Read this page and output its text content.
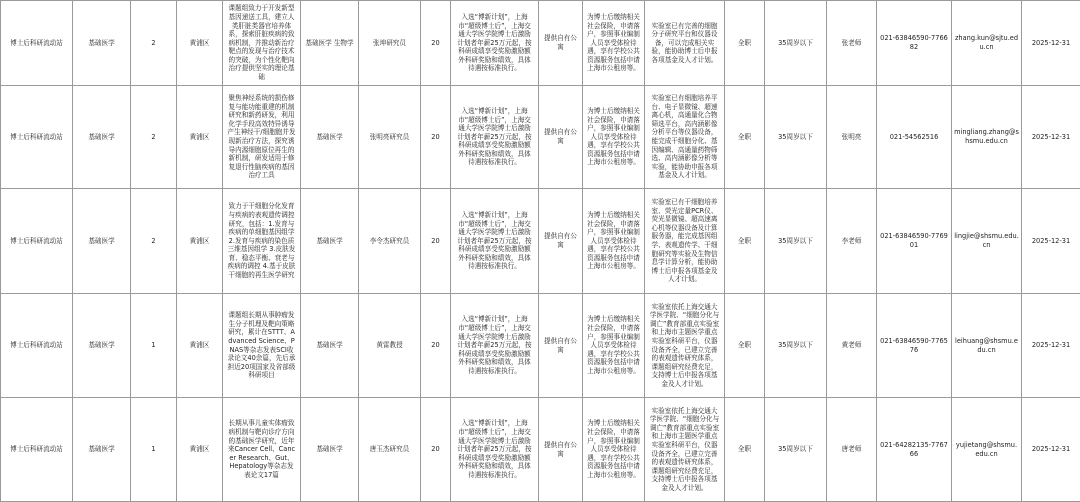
博士后科研流动站	基础医学	2	黄浦区	课题组致力于开发新型基因递送工具，建立人类肝脏类器官培养体系，探索肝脏疾病的致病机制，并推动新治疗靶点的发现与治疗技术的突破，为个性化靶向治疗提供坚实的理论基础	基础医学 生物学	张坤研究员	20	入选“博新计划”，上海市“超级博士后”，上海交通大学医学院博士后激励计划者年薪25万元起，按科研成绩享受奖励激励额外科研奖励和绩效，具体待遇按标准执行。	提供自有公寓	为博士后缴纳相关社会保险，申请落户，参照事业编制人员享受体检待遇，享有学校公共资源服务包括申请上海市公租房等。	实验室已有完善的细胞分子研究平台和仪器设备，可以完成相关实验，能协助博士后申报各项基金及人才计划。	全职	35周岁以下	张老师	021-63846590-776682	zhang.kun@sjtu.edu.cn	2025-12-31
博士后科研流动站	基础医学	2	黄浦区	聚焦神经系统的损伤修复与能功能重建的机制研究和新药研发，利用化学手段高效特异诱导产生神经干/细胞胞并发现新治疗方法，探究诱导内源细胞原位再生的新机制，研发适用于修复退行性脑疾病的基因治疗工具	基础医学	张明亮研究员	20	入选“博新计划”，上海市“超级博士后”，上海交通大学医学院博士后激励计划者年薪25万元起，按科研成绩享受奖励激励额外科研奖励和绩效，具体待遇按标准执行。	提供自有公寓	为博士后缴纳相关社会保险，申请落户，参照事业编制人员享受体检待遇，享有学校公共资源服务包括申请上海市公租房等。	实验室已有细胞培养平台、电子显微镜、超速离心机，高通量化合物筛选平台，高内涵影像分析平台等仪器设备，能完成干细胞分化、基因编辑、高通量药物筛选、高内涵影像分析等实验，能协助申报各项基金及人才计划。	全职	35周岁以下	张明亮	021-54562516	mingliang.zhang@shsmu.edu.cn	2025-12-31
博士后科研流动站	基础医学	2	黄浦区	致力于干细胞分化发育与疾病的表观遗传调控研究，包括：1.发育与疾病的单细胞基因组学 2.发育与疾病的染色质三维基因组学 3.皮肤发育、稳态平衡、衰老与疾病的调控 4.基于皮肤干细胞的再生医学研究	基础医学	李令杰研究员	20	入选“博新计划”，上海市“超级博士后”，上海交通大学医学院博士后激励计划者年薪25万元起，按科研成绩享受奖励激励额外科研奖励和绩效，具体待遇按标准执行。	提供自有公寓	为博士后缴纳相关社会保险，申请落户，参照事业编制人员享受体检待遇，享有学校公共资源服务包括申请上海市公租房等。	实验室已有干细胞培养室、荧光定量PCR仪、荧光显微镜、超高速离心机等仪器设备及计算服务器，能完成基因组学、表观遗传学、干细胞研究等实验及生物信息学计算分析，能协助博士后申报各项基金及人才计划。	全职	35周岁以下	李老师	021-63846590-776901	lingjie@shsmu.edu.cn	2025-12-31
博士后科研流动站	基础医学	1	黄浦区	课题组长期从事肿瘤发生分子机理及靶向策略研究，累计在STTT、Advanced Science、PNAS等杂志发表SCI收录论文40余篇，先后承担近20项国家及省部级科研项目	基础医学	黄雷教授	20	入选“博新计划”，上海市“超级博士后”，上海交通大学医学院博士后激励计划者年薪25万元起，按科研成绩享受奖励激励额外科研奖励和绩效，具体待遇按标准执行。	提供自有公寓	为博士后缴纳相关社会保险，申请落户，参照事业编制人员享受体检待遇，享有学校公共资源服务包括申请上海市公租房等。	实验室依托上海交通大学医学院、“细胞分化与调亡”教育部重点实验室和上海市主题医学重点实验室科研平台，仪器设备齐全，已建立完善的表观遗传研究体系，课题组研究经费充足，支持博士后申报各项基金及人才计划。	全职	35周岁以下	黄老师	021-63846590-776576	leihuang@shsmu.edu.cn	2025-12-31
博士后科研流动站	基础医学	1	黄浦区	长期从事儿童实体瘤致病机制与靶向诊疗方向的基础医学研究，近年来Cancer Cell、Cancer Research、Gut、Hepatology等杂志发表论文17篇	基础医学	唐玉杰研究员	20	入选“博新计划”，上海市“超级博士后”，上海交通大学医学院博士后激励计划者年薪25万元起，按科研成绩享受奖励激励额外科研奖励和绩效，具体待遇按标准执行。	提供自有公寓	为博士后缴纳相关社会保险，申请落户，参照事业编制人员享受体检待遇，享有学校公共资源服务包括申请上海市公租房等。	实验室依托上海交通大学医学院、“细胞分化与调亡”教育部重点实验室和上海市主题医学重点实验室科研平台，仪器设备齐全，已建立完善的表观遗传研究体系，课题组研究经费充足，支持博士后申报各项基金及人才计划。	全职	35周岁以下	唐老师	021-64282135-776766	yujietang@shsmu.edu.cn	2025-12-31
